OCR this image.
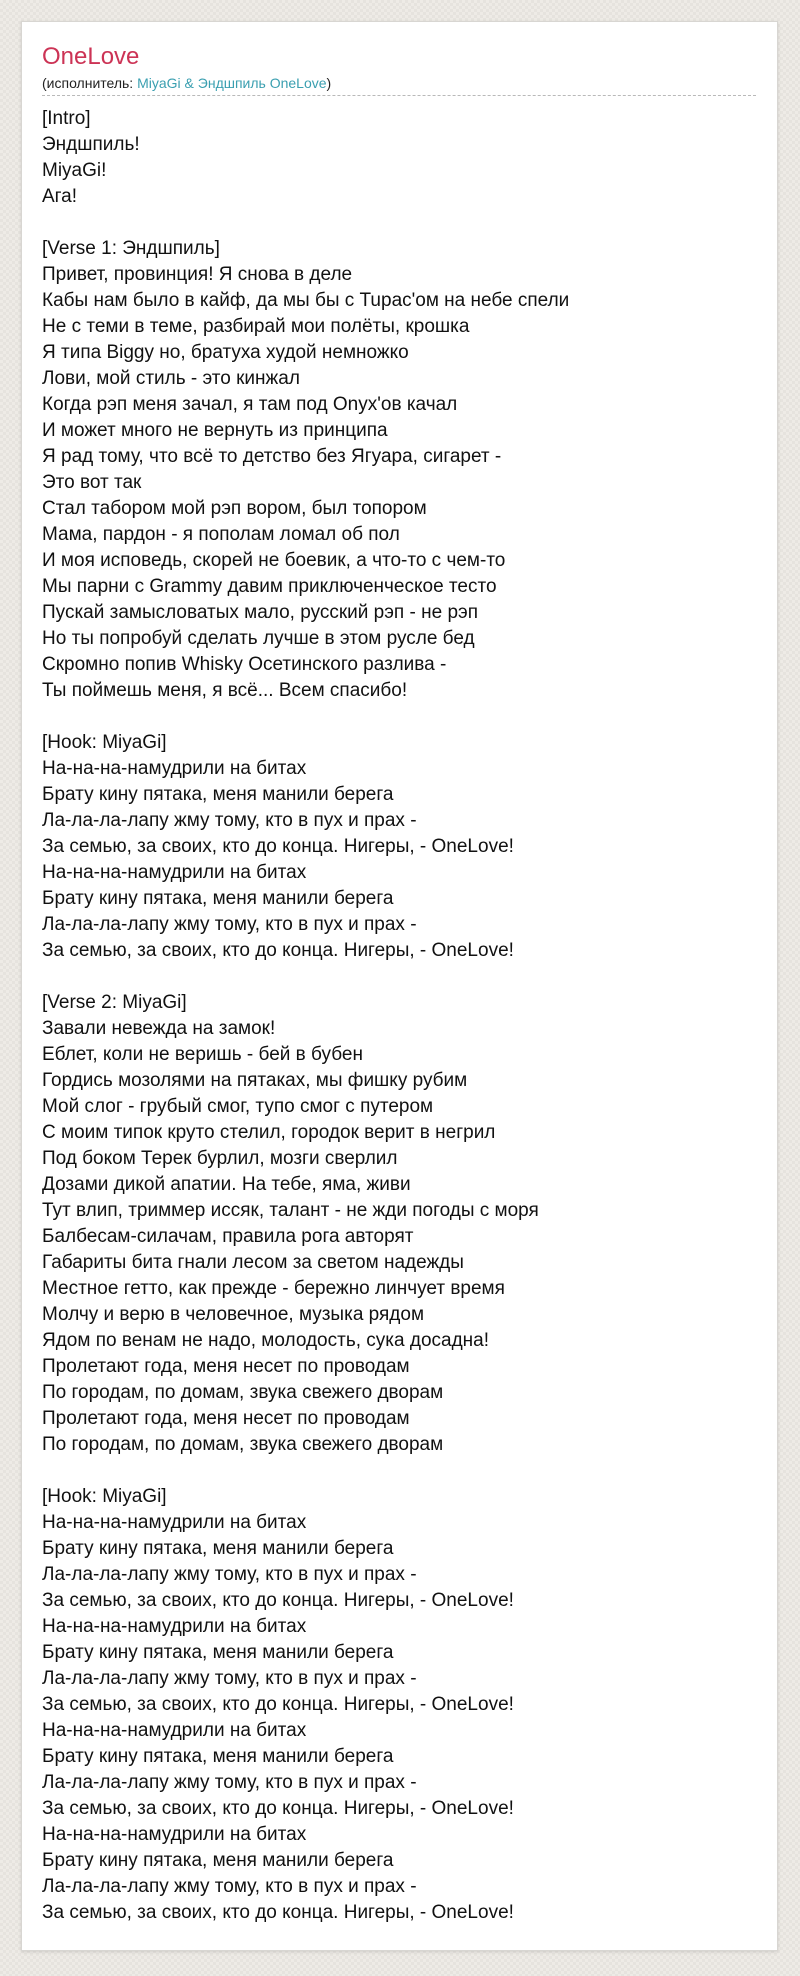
OneLove
(исполнитель: MiyaGi & Эндшпиль OneLove)
[Intro]
Эндшпиль!
MiyaGi!
Ага!
[Verse 1: Эндшпиль]
Привет, провинция! Я снова в деле
Кабы нам было в кайф, да мы бы с Tupac'ом на небе спели
Не с теми в теме, разбирай мои полёты, крошка
Я типа Biggy но, братуха худой немножко
Лови, мой стиль - это кинжал
Когда рэп меня зачал, я там под Onyx'ов качал
И может много не вернуть из принципа
Я рад тому, что всё то детство без Ягуара, сигарет -
Это вот так
Стал табором мой рэп вором, был топором
Мама, пардон - я пополам ломал об пол
И моя исповедь, скорей не боевик, а что-то с чем-то
Мы парни с Grammy давим приключенческое тесто
Пускай замысловатых мало, русский рэп - не рэп
Но ты попробуй сделать лучше в этом русле бед
Скромно попив Whisky Осетинского разлива -
Ты поймешь меня, я всё... Всем спасибо!
[Hook: MiyaGi]
На-на-на-намудрили на битах
Брату кину пятака, меня манили берега
Ла-ла-ла-лапу жму тому, кто в пух и прах -
За семью, за своих, кто до конца. Нигеры, - OneLove!
На-на-на-намудрили на битах
Брату кину пятака, меня манили берега
Ла-ла-ла-лапу жму тому, кто в пух и прах -
За семью, за своих, кто до конца. Нигеры, - OneLove!
[Verse 2: MiyaGi]
Завали невежда на замок!
Еблет, коли не веришь - бей в бубен
Гордись мозолями на пятаках, мы фишку рубим
Мой слог - грубый смог, тупо смог с путером
С моим типок круто стелил, городок верит в негрил
Под боком Терек бурлил, мозги сверлил
Дозами дикой апатии. На тебе, яма, живи
Тут влип, триммер иссяк, талант - не жди погоды с моря
Балбесам-силачам, правила рога авторят
Габариты бита гнали лесом за светом надежды
Местное гетто, как прежде - бережно линчует время
Молчу и верю в человечное, музыка рядом
Ядом по венам не надо, молодость, сука досадна!
Пролетают года, меня несет по проводам
По городам, по домам, звука свежего дворам
Пролетают года, меня несет по проводам
По городам, по домам, звука свежего дворам
[Hook: MiyaGi]
На-на-на-намудрили на битах
Брату кину пятака, меня манили берега
Ла-ла-ла-лапу жму тому, кто в пух и прах -
За семью, за своих, кто до конца. Нигеры, - OneLove!
На-на-на-намудрили на битах
Брату кину пятака, меня манили берега
Ла-ла-ла-лапу жму тому, кто в пух и прах -
За семью, за своих, кто до конца. Нигеры, - OneLove!
На-на-на-намудрили на битах
Брату кину пятака, меня манили берега
Ла-ла-ла-лапу жму тому, кто в пух и прах -
За семью, за своих, кто до конца. Нигеры, - OneLove!
На-на-на-намудрили на битах
Брату кину пятака, меня манили берега
Ла-ла-ла-лапу жму тому, кто в пух и прах -
За семью, за своих, кто до конца. Нигеры, - OneLove!
